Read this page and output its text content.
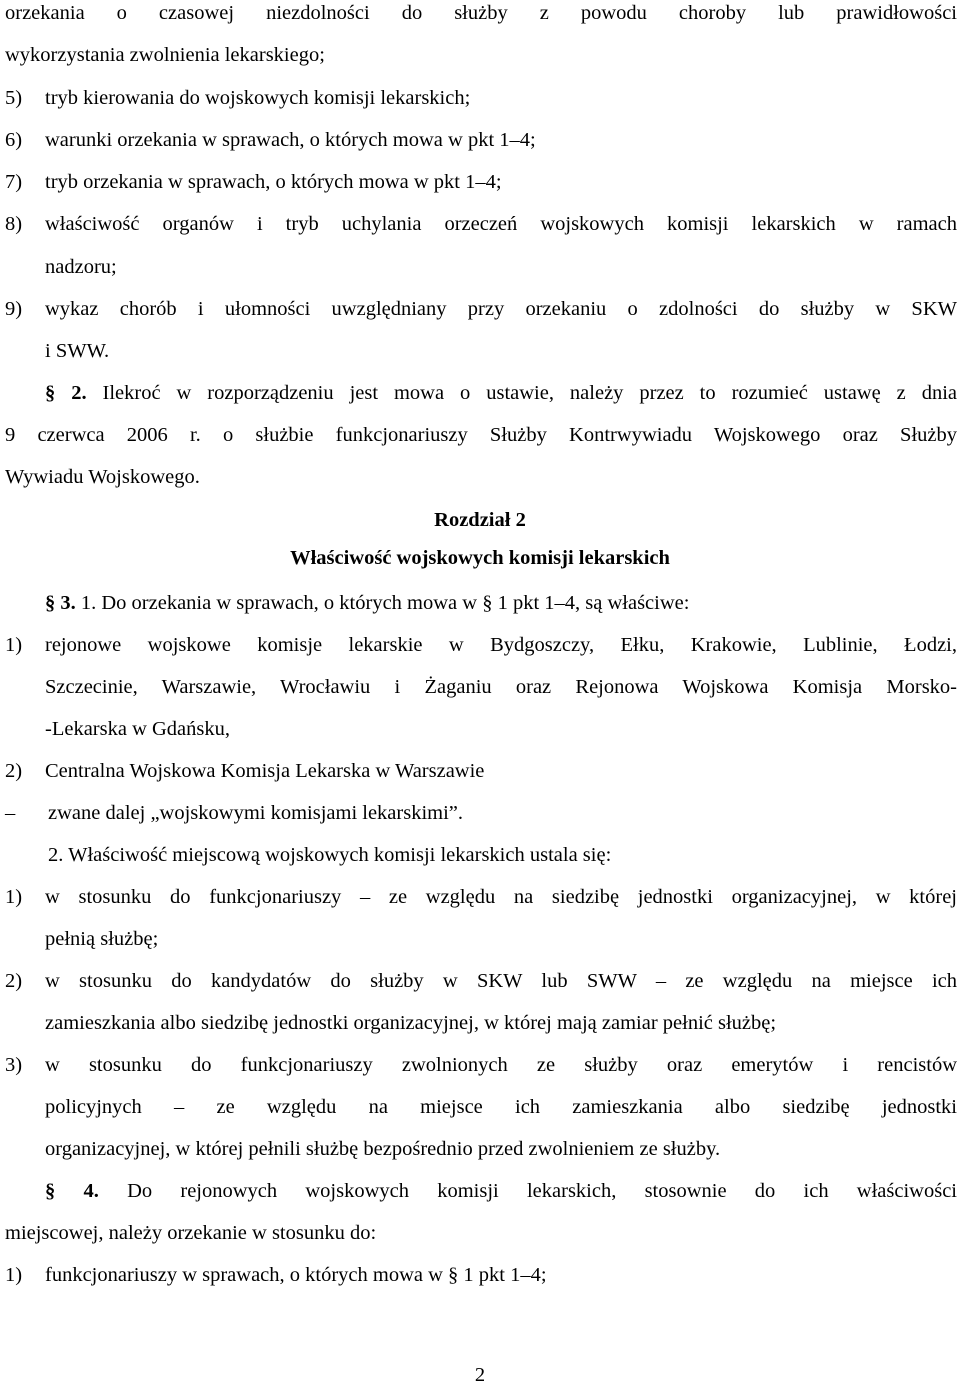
orzekania o czasowej niezdolności do służby z powodu choroby lub prawidłowości
wykorzystania zwolnienia lekarskiego;
5) tryb kierowania do wojskowych komisji lekarskich;
6) warunki orzekania w sprawach, o których mowa w pkt 1–4;
7) tryb orzekania w sprawach, o których mowa w pkt 1–4;
8) właściwość organów i tryb uchylania orzeczeń wojskowych komisji lekarskich w ramach
nadzoru;
9) wykaz chorób i ułomności uwzględniany przy orzekaniu o zdolności do służby w SKW
i SWW.
§ 2. Ilekroć w rozporządzeniu jest mowa o ustawie, należy przez to rozumieć ustawę z dnia
9 czerwca 2006 r. o służbie funkcjonariuszy Służby Kontrwywiadu Wojskowego oraz Służby
Wywiadu Wojskowego.
Rozdział 2
Właściwość wojskowych komisji lekarskich
§ 3. 1. Do orzekania w sprawach, o których mowa w § 1 pkt 1–4, są właściwe:
1) rejonowe wojskowe komisje lekarskie w Bydgoszczy, Ełku, Krakowie, Lublinie, Łodzi,
Szczecinie, Warszawie, Wrocławiu i Żaganiu oraz Rejonowa Wojskowa Komisja Morsko-
-Lekarska w Gdańsku,
2) Centralna Wojskowa Komisja Lekarska w Warszawie
– zwane dalej „wojskowymi komisjami lekarskimi”.
2. Właściwość miejscową wojskowych komisji lekarskich ustala się:
1) w stosunku do funkcjonariuszy – ze względu na siedzibę jednostki organizacyjnej, w której
pełnią służbę;
2) w stosunku do kandydatów do służby w SKW lub SWW – ze względu na miejsce ich
zamieszkania albo siedzibę jednostki organizacyjnej, w której mają zamiar pełnić służbę;
3) w stosunku do funkcjonariuszy zwolnionych ze służby oraz emerytów i rencistów
policyjnych – ze względu na miejsce ich zamieszkania albo siedzibę jednostki
organizacyjnej, w której pełnili służbę bezpośrednio przed zwolnieniem ze służby.
§ 4. Do rejonowych wojskowych komisji lekarskich, stosownie do ich właściwości
miejscowej, należy orzekanie w stosunku do:
1) funkcjonariuszy w sprawach, o których mowa w § 1 pkt 1–4;
2
